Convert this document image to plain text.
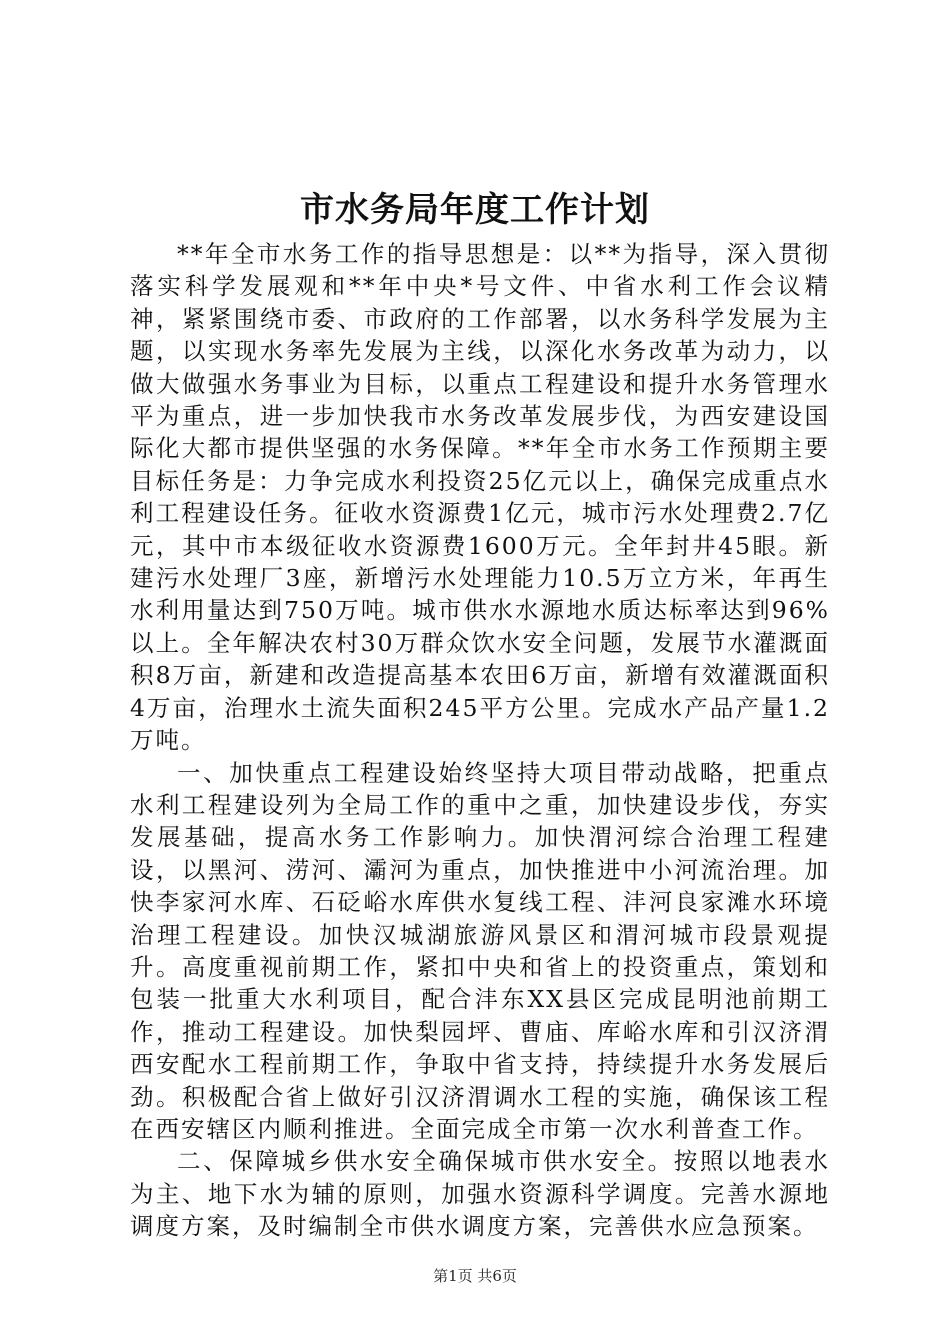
市水务局年度工作计划

**年全市水务工作的指导思想是：以**为指导，深入贯彻落实科学发展观和**年中央*号文件、中省水利工作会议精神，紧紧围绕市委、市政府的工作部署，以水务科学发展为主题，以实现水务率先发展为主线，以深化水务改革为动力，以做大做强水务事业为目标，以重点工程建设和提升水务管理水平为重点，进一步加快我市水务改革发展步伐，为西安建设国际化大都市提供坚强的水务保障。**年全市水务工作预期主要目标任务是：力争完成水利投资25亿元以上，确保完成重点水利工程建设任务。征收水资源费1亿元，城市污水处理费2.7亿元，其中市本级征收水资源费1600万元。全年封井45眼。新建污水处理厂3座，新增污水处理能力10.5万立方米，年再生水利用量达到750万吨。城市供水水源地水质达标率达到96%以上。全年解决农村30万群众饮水安全问题，发展节水灌溉面积8万亩，新建和改造提高基本农田6万亩，新增有效灌溉面积4万亩，治理水土流失面积245平方公里。完成水产品产量1.2万吨。

一、加快重点工程建设始终坚持大项目带动战略，把重点水利工程建设列为全局工作的重中之重，加快建设步伐，夯实发展基础，提高水务工作影响力。加快渭河综合治理工程建设，以黑河、涝河、灞河为重点，加快推进中小河流治理。加快李家河水库、石砭峪水库供水复线工程、沣河良家滩水环境治理工程建设。加快汉城湖旅游风景区和渭河城市段景观提升。高度重视前期工作，紧扣中央和省上的投资重点，策划和包装一批重大水利项目，配合沣东XX县区完成昆明池前期工作，推动工程建设。加快梨园坪、曹庙、库峪水库和引汉济渭西安配水工程前期工作，争取中省支持，持续提升水务发展后劲。积极配合省上做好引汉济渭调水工程的实施，确保该工程在西安辖区内顺利推进。全面完成全市第一次水利普查工作。

二、保障城乡供水安全确保城市供水安全。按照以地表水为主、地下水为辅的原则，加强水资源科学调度。完善水源地调度方案，及时编制全市供水调度方案，完善供水应急预案。

第1页 共6页
